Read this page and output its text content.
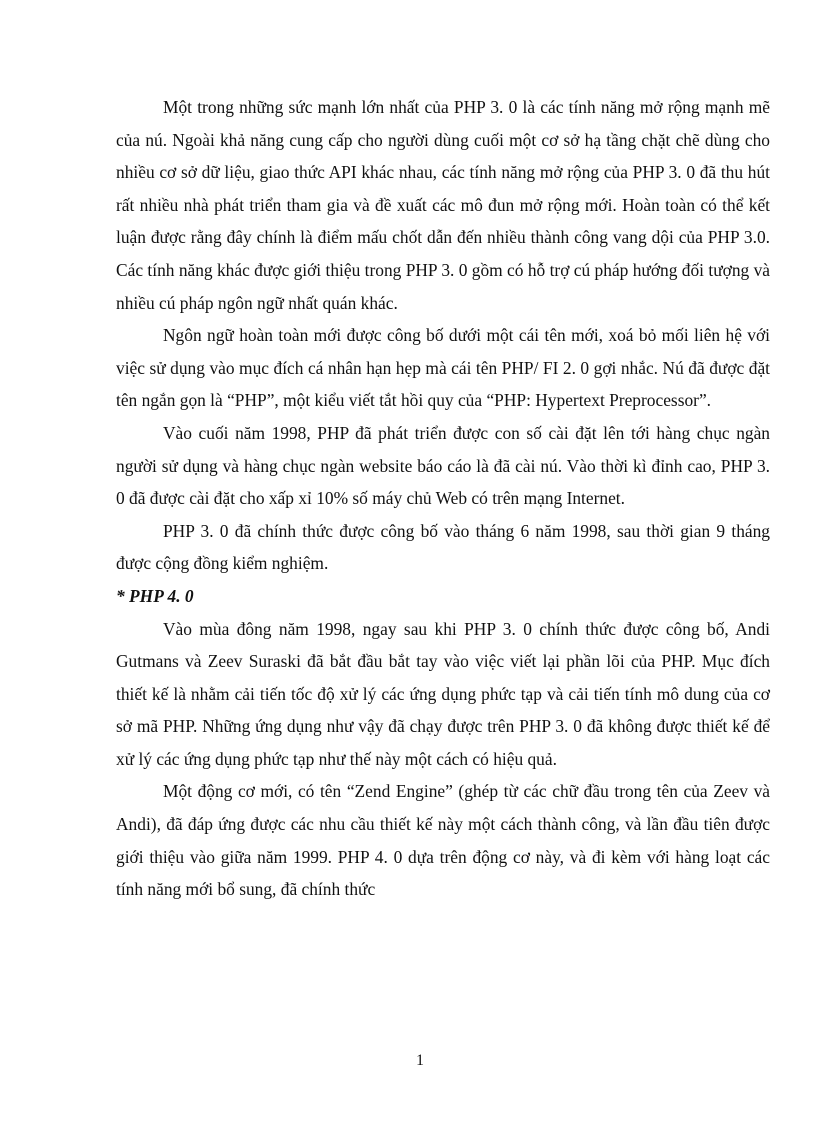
Một trong những sức mạnh lớn nhất của PHP 3. 0 là các tính năng mở rộng mạnh mẽ của nú. Ngoài khả năng cung cấp cho người dùng cuối một cơ sở hạ tầng chặt chẽ dùng cho nhiều cơ sở dữ liệu, giao thức API khác nhau, các tính năng mở rộng của PHP 3. 0 đã thu hút rất nhiều nhà phát triển tham gia và đề xuất các mô đun mở rộng mới. Hoàn toàn có thể kết luận được rằng đây chính là điểm mấu chốt dẫn đến nhiều thành công vang dội của PHP 3.0. Các tính năng khác được giới thiệu trong PHP 3. 0 gồm có hỗ trợ cú pháp hướng đối tượng và nhiều cú pháp ngôn ngữ nhất quán khác.

Ngôn ngữ hoàn toàn mới được công bố dưới một cái tên mới, xoá bỏ mối liên hệ với việc sử dụng vào mục đích cá nhân hạn hẹp mà cái tên PHP/ FI 2. 0 gợi nhắc. Nú đã được đặt tên ngắn gọn là “PHP”, một kiểu viết tắt hồi quy của “PHP: Hypertext Preprocessor”.

Vào cuối năm 1998, PHP đã phát triển được con số cài đặt lên tới hàng chục ngàn người sử dụng và hàng chục ngàn website báo cáo là đã cài nú. Vào thời kì đỉnh cao, PHP 3. 0 đã được cài đặt cho xấp xỉ 10% số máy chủ Web có trên mạng Internet.

PHP 3. 0 đã chính thức được công bố vào tháng 6 năm 1998, sau thời gian 9 tháng được cộng đồng kiểm nghiệm.

* PHP 4. 0

Vào mùa đông năm 1998, ngay sau khi PHP 3. 0 chính thức được công bố, Andi Gutmans và Zeev Suraski đã bắt đầu bắt tay vào việc viết lại phần lõi của PHP. Mục đích thiết kế là nhằm cải tiến tốc độ xử lý các ứng dụng phức tạp và cải tiến tính mô dung của cơ sở mã PHP. Những ứng dụng như vậy đã chạy được trên PHP 3. 0 đã không được thiết kế để xử lý các ứng dụng phức tạp như thế này một cách có hiệu quả.

Một động cơ mới, có tên “Zend Engine” (ghép từ các chữ đầu trong tên của Zeev và Andi), đã đáp ứng được các nhu cầu thiết kế này một cách thành công, và lần đầu tiên được giới thiệu vào giữa năm 1999. PHP 4. 0 dựa trên động cơ này, và đi kèm với hàng loạt các tính năng mới bổ sung, đã chính thức

1
